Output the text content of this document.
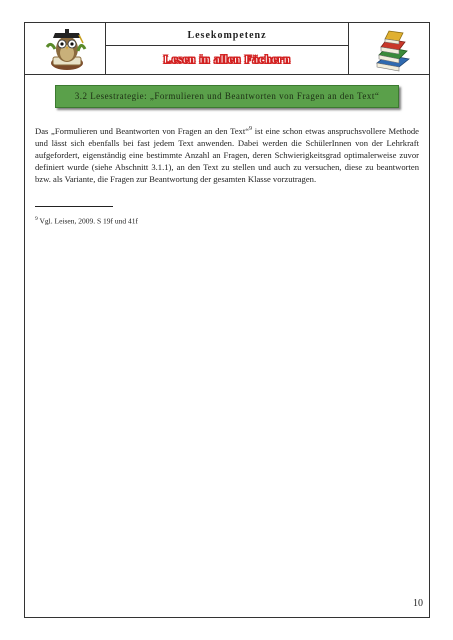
Lesekompetenz
Lesen in allen Fächern
3.2 Lesestrategie: „Formulieren und Beantworten von Fragen an den Text“
Das „Formulieren und Beantworten von Fragen an den Text“$^9$ ist eine schon etwas anspruchsvollere Methode und lässt sich ebenfalls bei fast jedem Text anwenden. Dabei werden die SchülerInnen von der Lehrkraft aufgefordert, eigenständig eine bestimmte Anzahl an Fragen, deren Schwierigkeitsgrad optimalerweise zuvor definiert wurde (siehe Abschnitt 3.1.1), an den Text zu stellen und auch zu versuchen, diese zu beantworten bzw. als Variante, die Fragen zur Beantwortung der gesamten Klasse vorzutragen.
$^9$ Vgl. Leisen, 2009. S 19f und 41f
10
